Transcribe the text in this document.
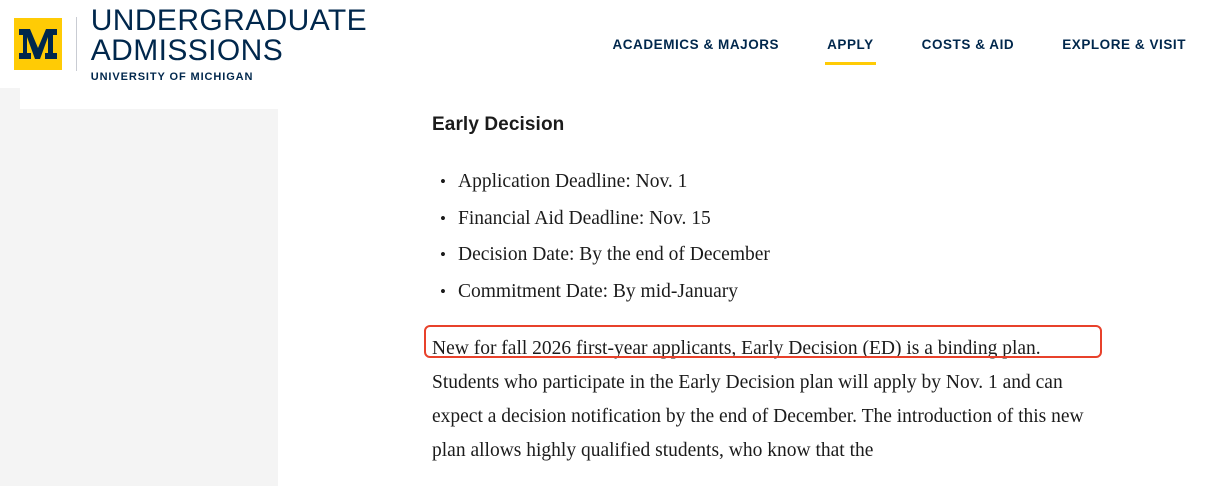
UNDERGRADUATE ADMISSIONS
UNIVERSITY OF MICHIGAN
ACADEMICS & MAJORS	APPLY	COSTS & AID	EXPLORE & VISIT
Early Decision
• Application Deadline: Nov. 1
• Financial Aid Deadline: Nov. 15
• Decision Date: By the end of December
• Commitment Date: By mid-January

New for fall 2026 first-year applicants, Early Decision (ED) is a binding plan. Students who participate in the Early Decision plan will apply by Nov. 1 and can expect a decision notification by the end of December. The introduction of this new plan allows highly qualified students, who know that the
